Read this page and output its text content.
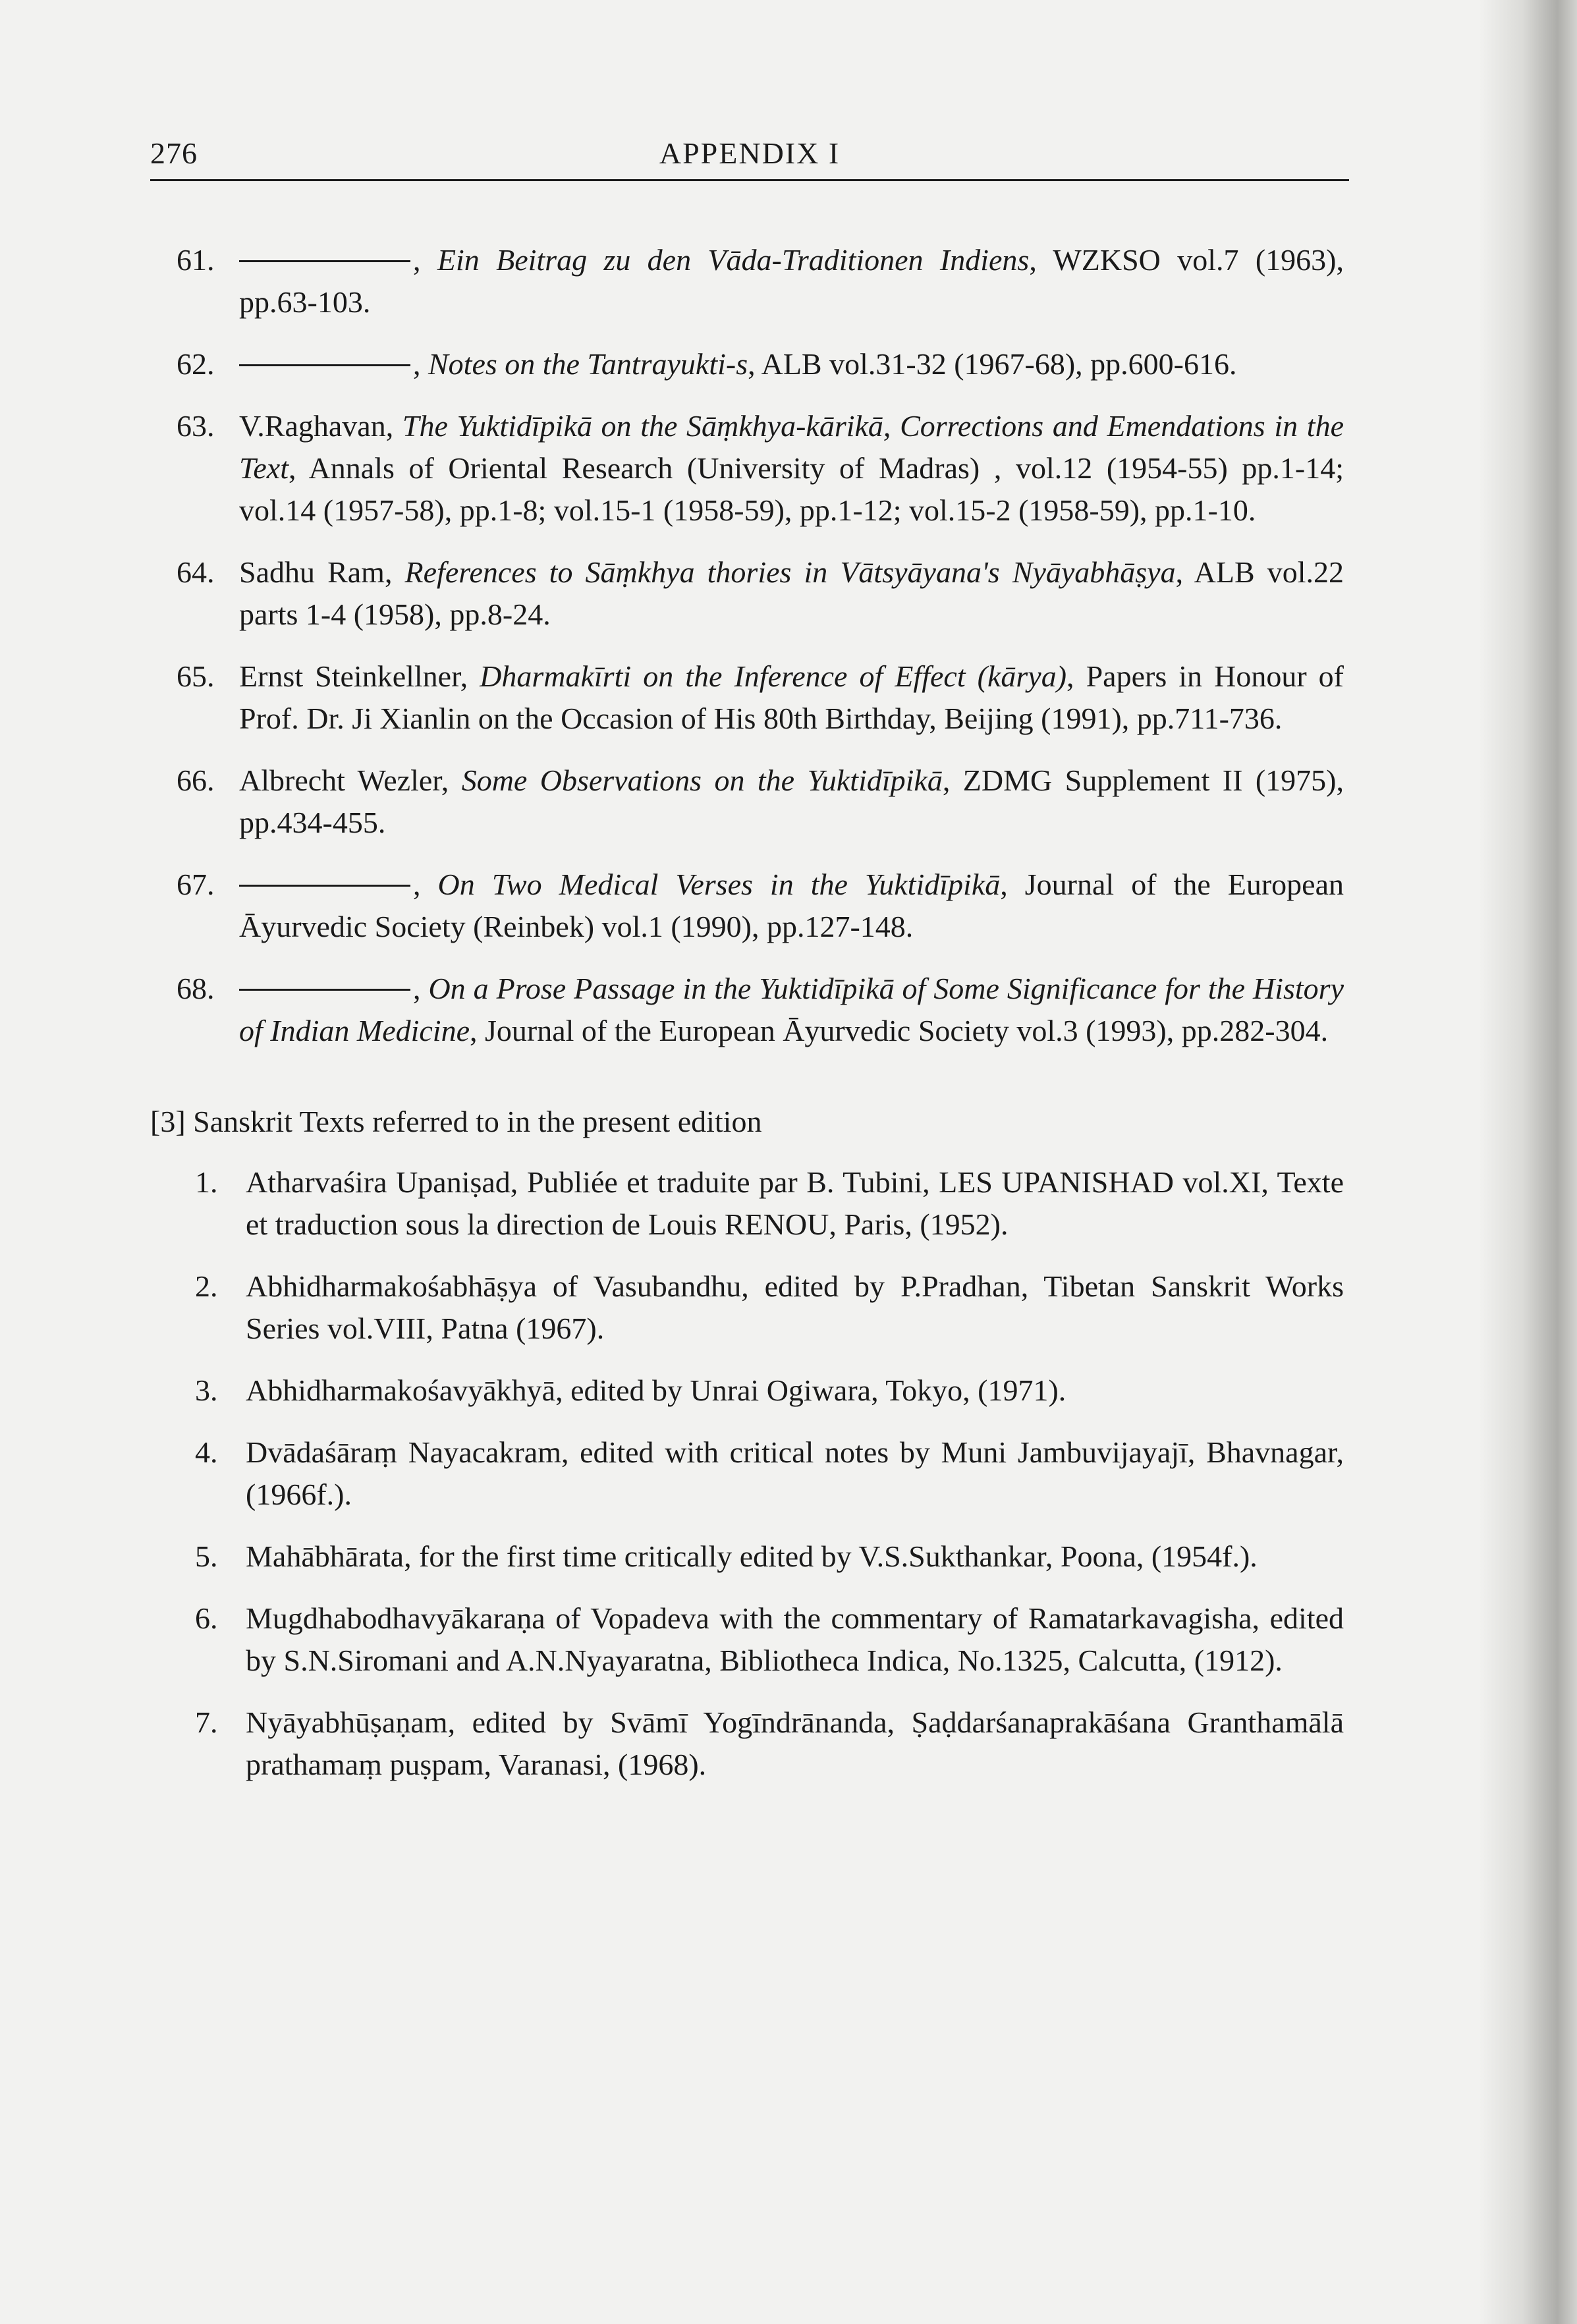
276	APPENDIX I
61.	, Ein Beitrag zu den Vāda-Traditionen Indiens, WZKSO vol.7 (1963), pp.63-103.
62.	, Notes on the Tantrayukti-s, ALB vol.31-32 (1967-68), pp.600-616.
63. V.Raghavan, The Yuktidīpikā on the Sāṃkhya-kārikā, Corrections and Emendations in the Text, Annals of Oriental Research (University of Madras) , vol.12 (1954-55) pp.1-14; vol.14 (1957-58), pp.1-8; vol.15-1 (1958-59), pp.1-12; vol.15-2 (1958-59), pp.1-10.
64. Sadhu Ram, References to Sāṃkhya thories in Vātsyāyana's Nyāyabhāṣya, ALB vol.22 parts 1-4 (1958), pp.8-24.
65. Ernst Steinkellner, Dharmakīrti on the Inference of Effect (kārya), Papers in Honour of Prof. Dr. Ji Xianlin on the Occasion of His 80th Birthday, Beijing (1991), pp.711-736.
66. Albrecht Wezler, Some Observations on the Yuktidīpikā, ZDMG Supplement II (1975), pp.434-455.
67.	, On Two Medical Verses in the Yuktidīpikā, Journal of the European Āyurvedic Society (Reinbek) vol.1 (1990), pp.127-148.
68.	, On a Prose Passage in the Yuktidīpikā of Some Significance for the History of Indian Medicine, Journal of the European Āyurvedic Society vol.3 (1993), pp.282-304.

[3] Sanskrit Texts referred to in the present edition

1. Atharvaśira Upaniṣad, Publiée et traduite par B. Tubini, LES UPANISHAD vol.XI, Texte et traduction sous la direction de Louis RENOU, Paris, (1952).
2. Abhidharmakośabhāṣya of Vasubandhu, edited by P.Pradhan, Tibetan Sanskrit Works Series vol.VIII, Patna (1967).
3. Abhidharmakośavyākhyā, edited by Unrai Ogiwara, Tokyo, (1971).
4. Dvādaśāraṃ Nayacakram, edited with critical notes by Muni Jambuvijayajī, Bhavnagar, (1966f.).
5. Mahābhārata, for the first time critically edited by V.S.Sukthankar, Poona, (1954f.).
6. Mugdhabodhavyākaraṇa of Vopadeva with the commentary of Ramatarkavagisha, edited by S.N.Siromani and A.N.Nyayaratna, Bibliotheca Indica, No.1325, Calcutta, (1912).
7. Nyāyabhūṣaṇam, edited by Svāmī Yogīndrānanda, Ṣaḍdarśanaprakāśana Granthamālā prathamaṃ puṣpam, Varanasi, (1968).
